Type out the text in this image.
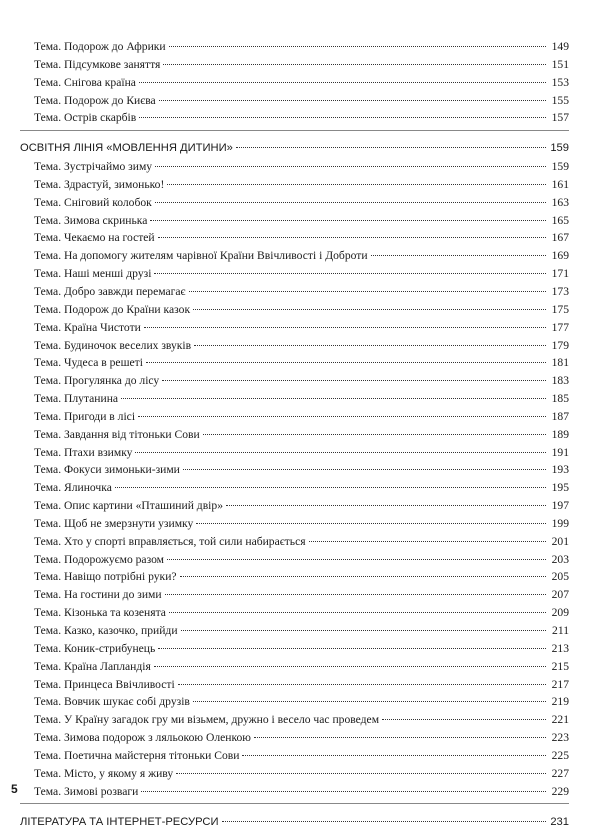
Тема. Подорож до Африки	149
Тема. Підсумкове заняття	151
Тема. Снігова країна	153
Тема. Подорож до Києва	155
Тема. Острів скарбів	157
ОСВІТНЯ ЛІНІЯ «МОВЛЕННЯ ДИТИНИ»	159
Тема. Зустрічаймо зиму	159
Тема. Здрастуй, зимонько!	161
Тема. Сніговий колобок	163
Тема. Зимова скринька	165
Тема. Чекаємо на гостей	167
Тема. На допомогу жителям чарівної Країни Ввічливості і Доброти	169
Тема. Наші менші друзі	171
Тема. Добро завжди перемагає	173
Тема. Подорож до Країни казок	175
Тема. Країна Чистоти	177
Тема. Будиночок веселих звуків	179
Тема. Чудеса в решеті	181
Тема. Прогулянка до лісу	183
Тема. Плутанина	185
Тема. Пригоди в лісі	187
Тема. Завдання від тітоньки Сови	189
Тема. Птахи взимку	191
Тема. Фокуси зимоньки-зими	193
Тема. Ялиночка	195
Тема. Опис картини «Пташиний двір»	197
Тема. Щоб не змерзнути узимку	199
Тема. Хто у спорті вправляється, той сили набирається	201
Тема. Подорожуємо разом	203
Тема. Навіщо потрібні руки?	205
Тема. На гостини до зими	207
Тема. Кізонька та козенята	209
Тема. Казко, казочко, прийди	211
Тема. Коник-стрибунець	213
Тема. Країна Лапландія	215
Тема. Принцеса Ввічливості	217
Тема. Вовчик шукає собі друзів	219
Тема. У Країну загадок гру ми візьмем, дружно і весело час проведем	221
Тема. Зимова подорож з ляльокою Оленкою	223
Тема. Поетична майстерня тітоньки Сови	225
Тема. Місто, у якому я живу	227
Тема. Зимові розваги	229
ЛІТЕРАТУРА ТА ІНТЕРНЕТ-РЕСУРСИ	231
5
